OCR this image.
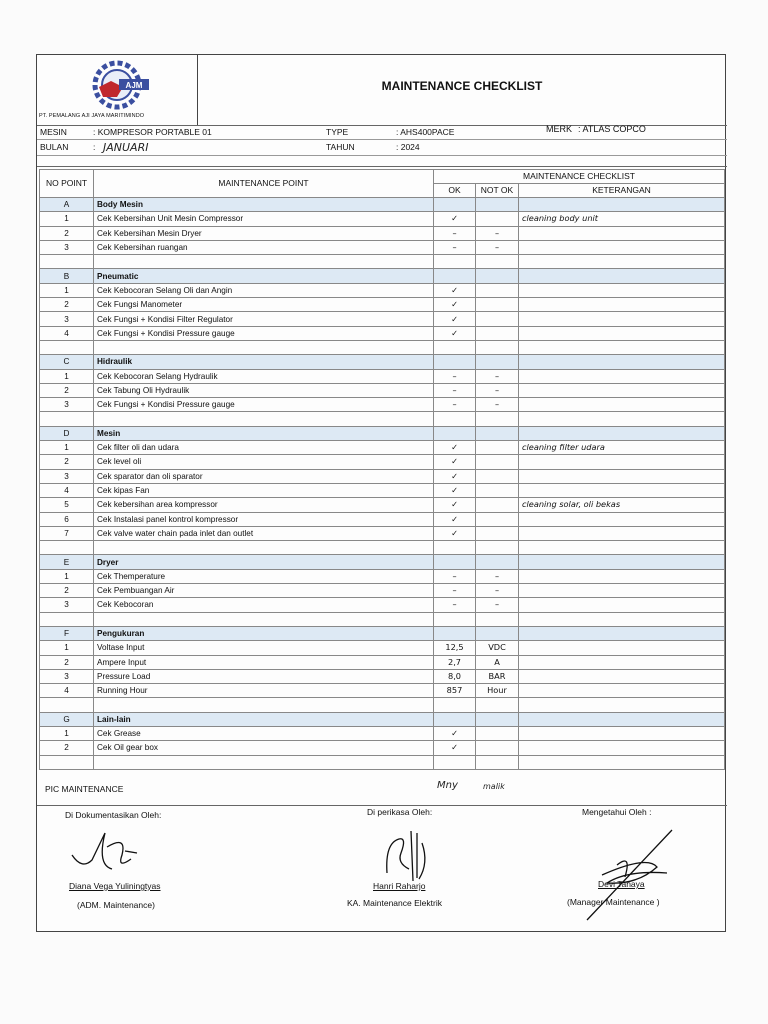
AJM
PT. PEMALANG AJI JAYA MARITIMINDO
MAINTENANCE CHECKLIST
MESIN	: KOMPRESOR PORTABLE 01	TYPE	: AHS400PACE	MERK : ATLAS COPCO
BULAN	: JANUARI	TAHUN	: 2024
NO POINT	MAINTENANCE POINT	MAINTENANCE CHECKLIST		
		OK	NOT OK	KETERANGAN
A	Body Mesin			
1	Cek Kebersihan Unit Mesin Compressor	✓		cleaning body unit
2	Cek Kebersihan Mesin Dryer	–	–	
3	Cek Kebersihan ruangan	–	–	

B	Pneumatic			
1	Cek Kebocoran Selang Oli dan Angin	✓		
2	Cek Fungsi Manometer	✓		
3	Cek Fungsi + Kondisi Filter Regulator	✓		
4	Cek Fungsi + Kondisi Pressure gauge	✓		

C	Hidraulik			
1	Cek Kebocoran Selang Hydraulik	–	–	
2	Cek Tabung Oli Hydraulik	–	–	
3	Cek Fungsi + Kondisi Pressure gauge	–	–	

D	Mesin			
1	Cek filter oli dan udara	✓		cleaning filter udara
2	Cek level oli	✓		
3	Cek sparator dan oli sparator	✓		
4	Cek kipas Fan	✓		
5	Cek kebersihan area kompressor	✓		cleaning solar, oli bekas
6	Cek Instalasi panel kontrol kompressor	✓		
7	Cek valve water chain pada inlet dan outlet	✓		

E	Dryer			
1	Cek Themperature	–	–	
2	Cek Pembuangan Air	–	–	
3	Cek Kebocoran	–	–	

F	Pengukuran			
1	Voltase Input	12,5	VDC	
2	Ampere Input	2,7	A	
3	Pressure Load	8,0	BAR	
4	Running Hour	857	Hour	

G	Lain-lain			
1	Cek Grease	✓		
2	Cek Oil gear box	✓		

PIC MAINTENANCE	Mny	malik
Di Dokumentasikan Oleh:	Di perikasa Oleh:	Mengetahui Oleh :
Diana Vega Yuliningtyas
(ADM. Maintenance)
Hanri Raharjo
KA. Maintenance Elektrik
Devi Tanaya
(Manager Maintenance )
